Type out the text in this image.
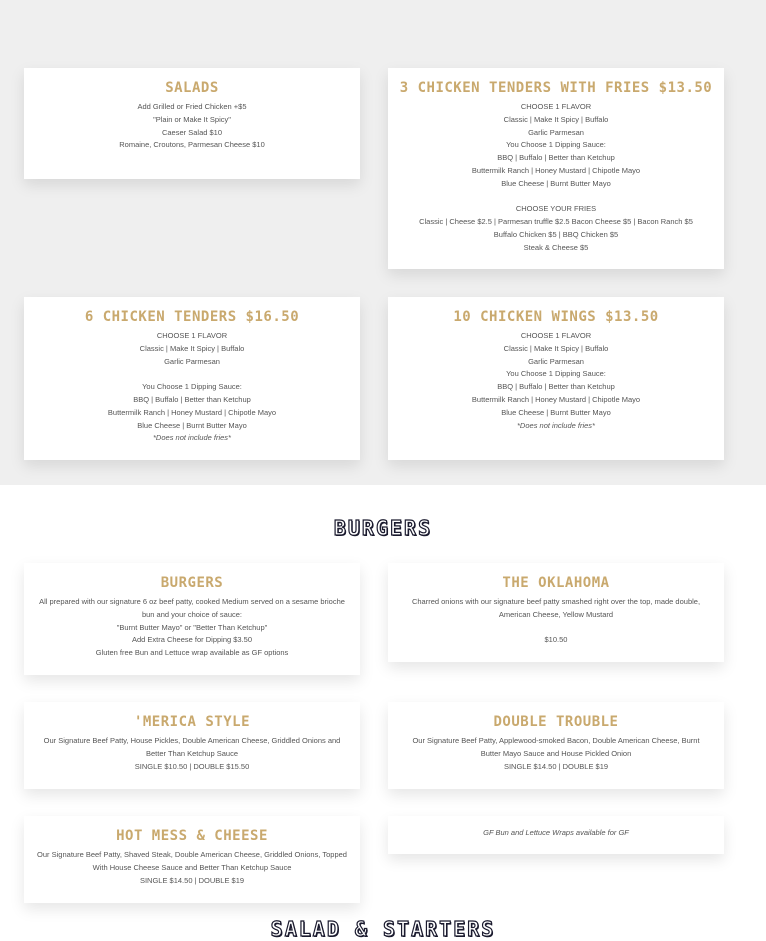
SALAD & STARTERS
BURGERS
SALADS
Add Grilled or Fried Chicken +$5
"Plain or Make It Spicy"
Caeser Salad $10
Romaine, Croutons, Parmesan Cheese $10
3 CHICKEN TENDERS WITH FRIES $13.50
CHOOSE 1 FLAVOR
Classic | Make It Spicy | Buffalo
Garlic Parmesan
You Choose 1 Dipping Sauce:
BBQ | Buffalo | Better than Ketchup
Buttermilk Ranch | Honey Mustard | Chipotle Mayo
Blue Cheese | Burnt Butter Mayo
CHOOSE YOUR FRIES
Classic | Cheese $2.5 | Parmesan truffle $2.5 Bacon Cheese $5 | Bacon Ranch $5
Buffalo Chicken $5 | BBQ Chicken $5
Steak & Cheese $5
6 CHICKEN TENDERS $16.50
CHOOSE 1 FLAVOR
Classic | Make It Spicy | Buffalo
Garlic Parmesan
You Choose 1 Dipping Sauce:
BBQ | Buffalo | Better than Ketchup
Buttermilk Ranch | Honey Mustard | Chipotle Mayo
Blue Cheese | Burnt Butter Mayo
*Does not include fries*
10 CHICKEN WINGS $13.50
CHOOSE 1 FLAVOR
Classic | Make It Spicy | Buffalo
Garlic Parmesan
You Choose 1 Dipping Sauce:
BBQ | Buffalo | Better than Ketchup
Buttermilk Ranch | Honey Mustard | Chipotle Mayo
Blue Cheese | Burnt Butter Mayo
*Does not include fries*
BURGERS
All prepared with our signature 6 oz beef patty, cooked Medium served on a sesame brioche bun and your choice of sauce:
"Burnt Butter Mayo" or "Better Than Ketchup"
Add Extra Cheese for Dipping $3.50
Gluten free Bun and Lettuce wrap available as GF options
THE OKLAHOMA
Charred onions with our signature beef patty smashed right over the top, made double, American Cheese, Yellow Mustard
$10.50
'MERICA STYLE
Our Signature Beef Patty, House Pickles, Double American Cheese, Griddled Onions and Better Than Ketchup Sauce
SINGLE $10.50 | DOUBLE $15.50
DOUBLE TROUBLE
Our Signature Beef Patty, Applewood-smoked Bacon, Double American Cheese, Burnt Butter Mayo Sauce and House Pickled Onion
SINGLE $14.50 | DOUBLE $19
HOT MESS & CHEESE
Our Signature Beef Patty, Shaved Steak, Double American Cheese, Griddled Onions, Topped With House Cheese Sauce and Better Than Ketchup Sauce
SINGLE $14.50 | DOUBLE $19
GF Bun and Lettuce Wraps available for GF
